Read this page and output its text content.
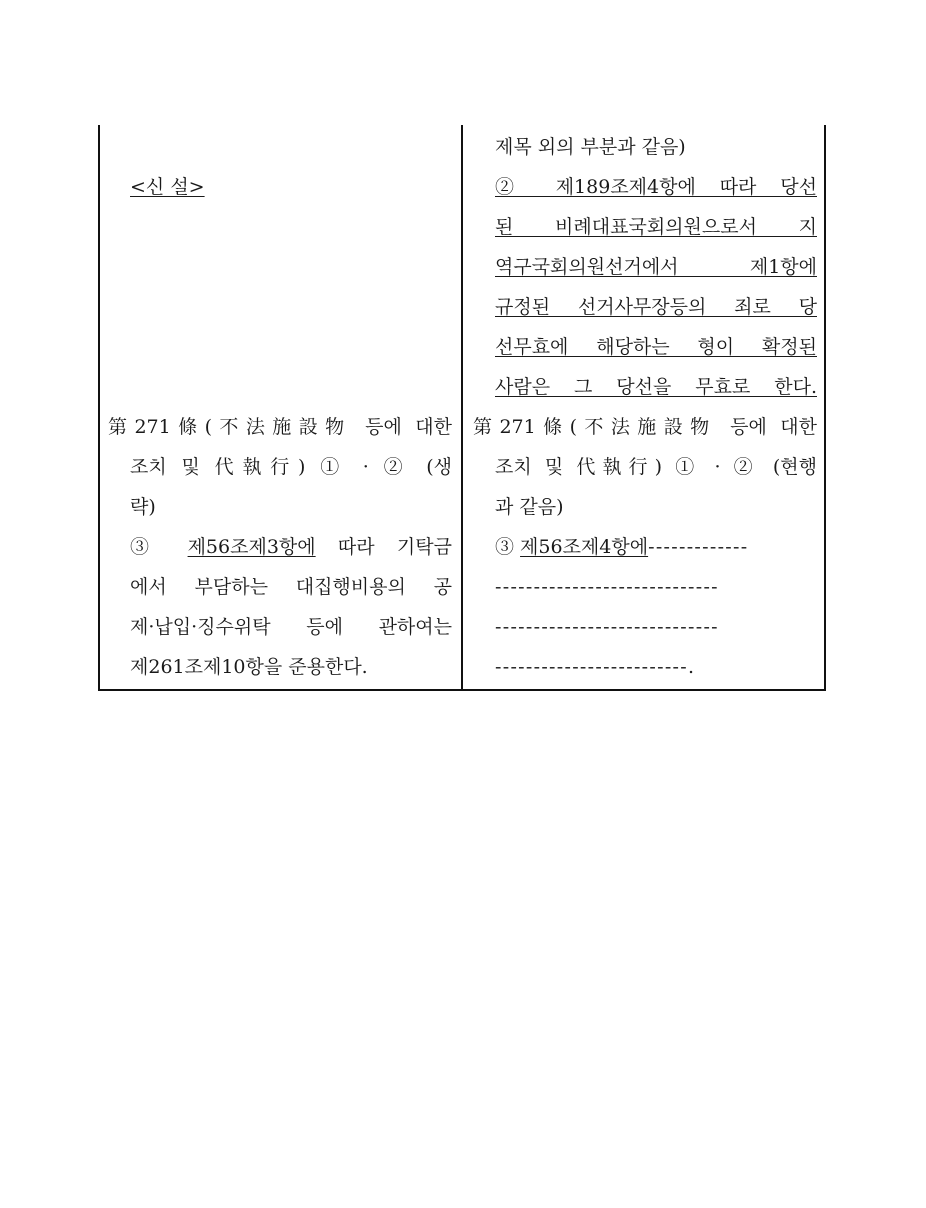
<신 설>
第271條(不法施設物 등에 대한
조치 및 代執行) ① · ② (생
략)
③ 제56조제3항에 따라 기탁금
에서 부담하는 대집행비용의 공
제·납입·징수위탁 등에 관하여는
제261조제10항을 준용한다.
제목 외의 부분과 같음)
② 제189조제4항에 따라 당선
된 비례대표국회의원으로서 지
역구국회의원선거에서 제1항에
규정된 선거사무장등의 죄로 당
선무효에 해당하는 형이 확정된
사람은 그 당선을 무효로 한다.
第271條(不法施設物 등에 대한
조치 및 代執行) ① · ② (현행
과 같음)
③ 제56조제4항에-------------
-----------------------------
-----------------------------
-------------------------.
